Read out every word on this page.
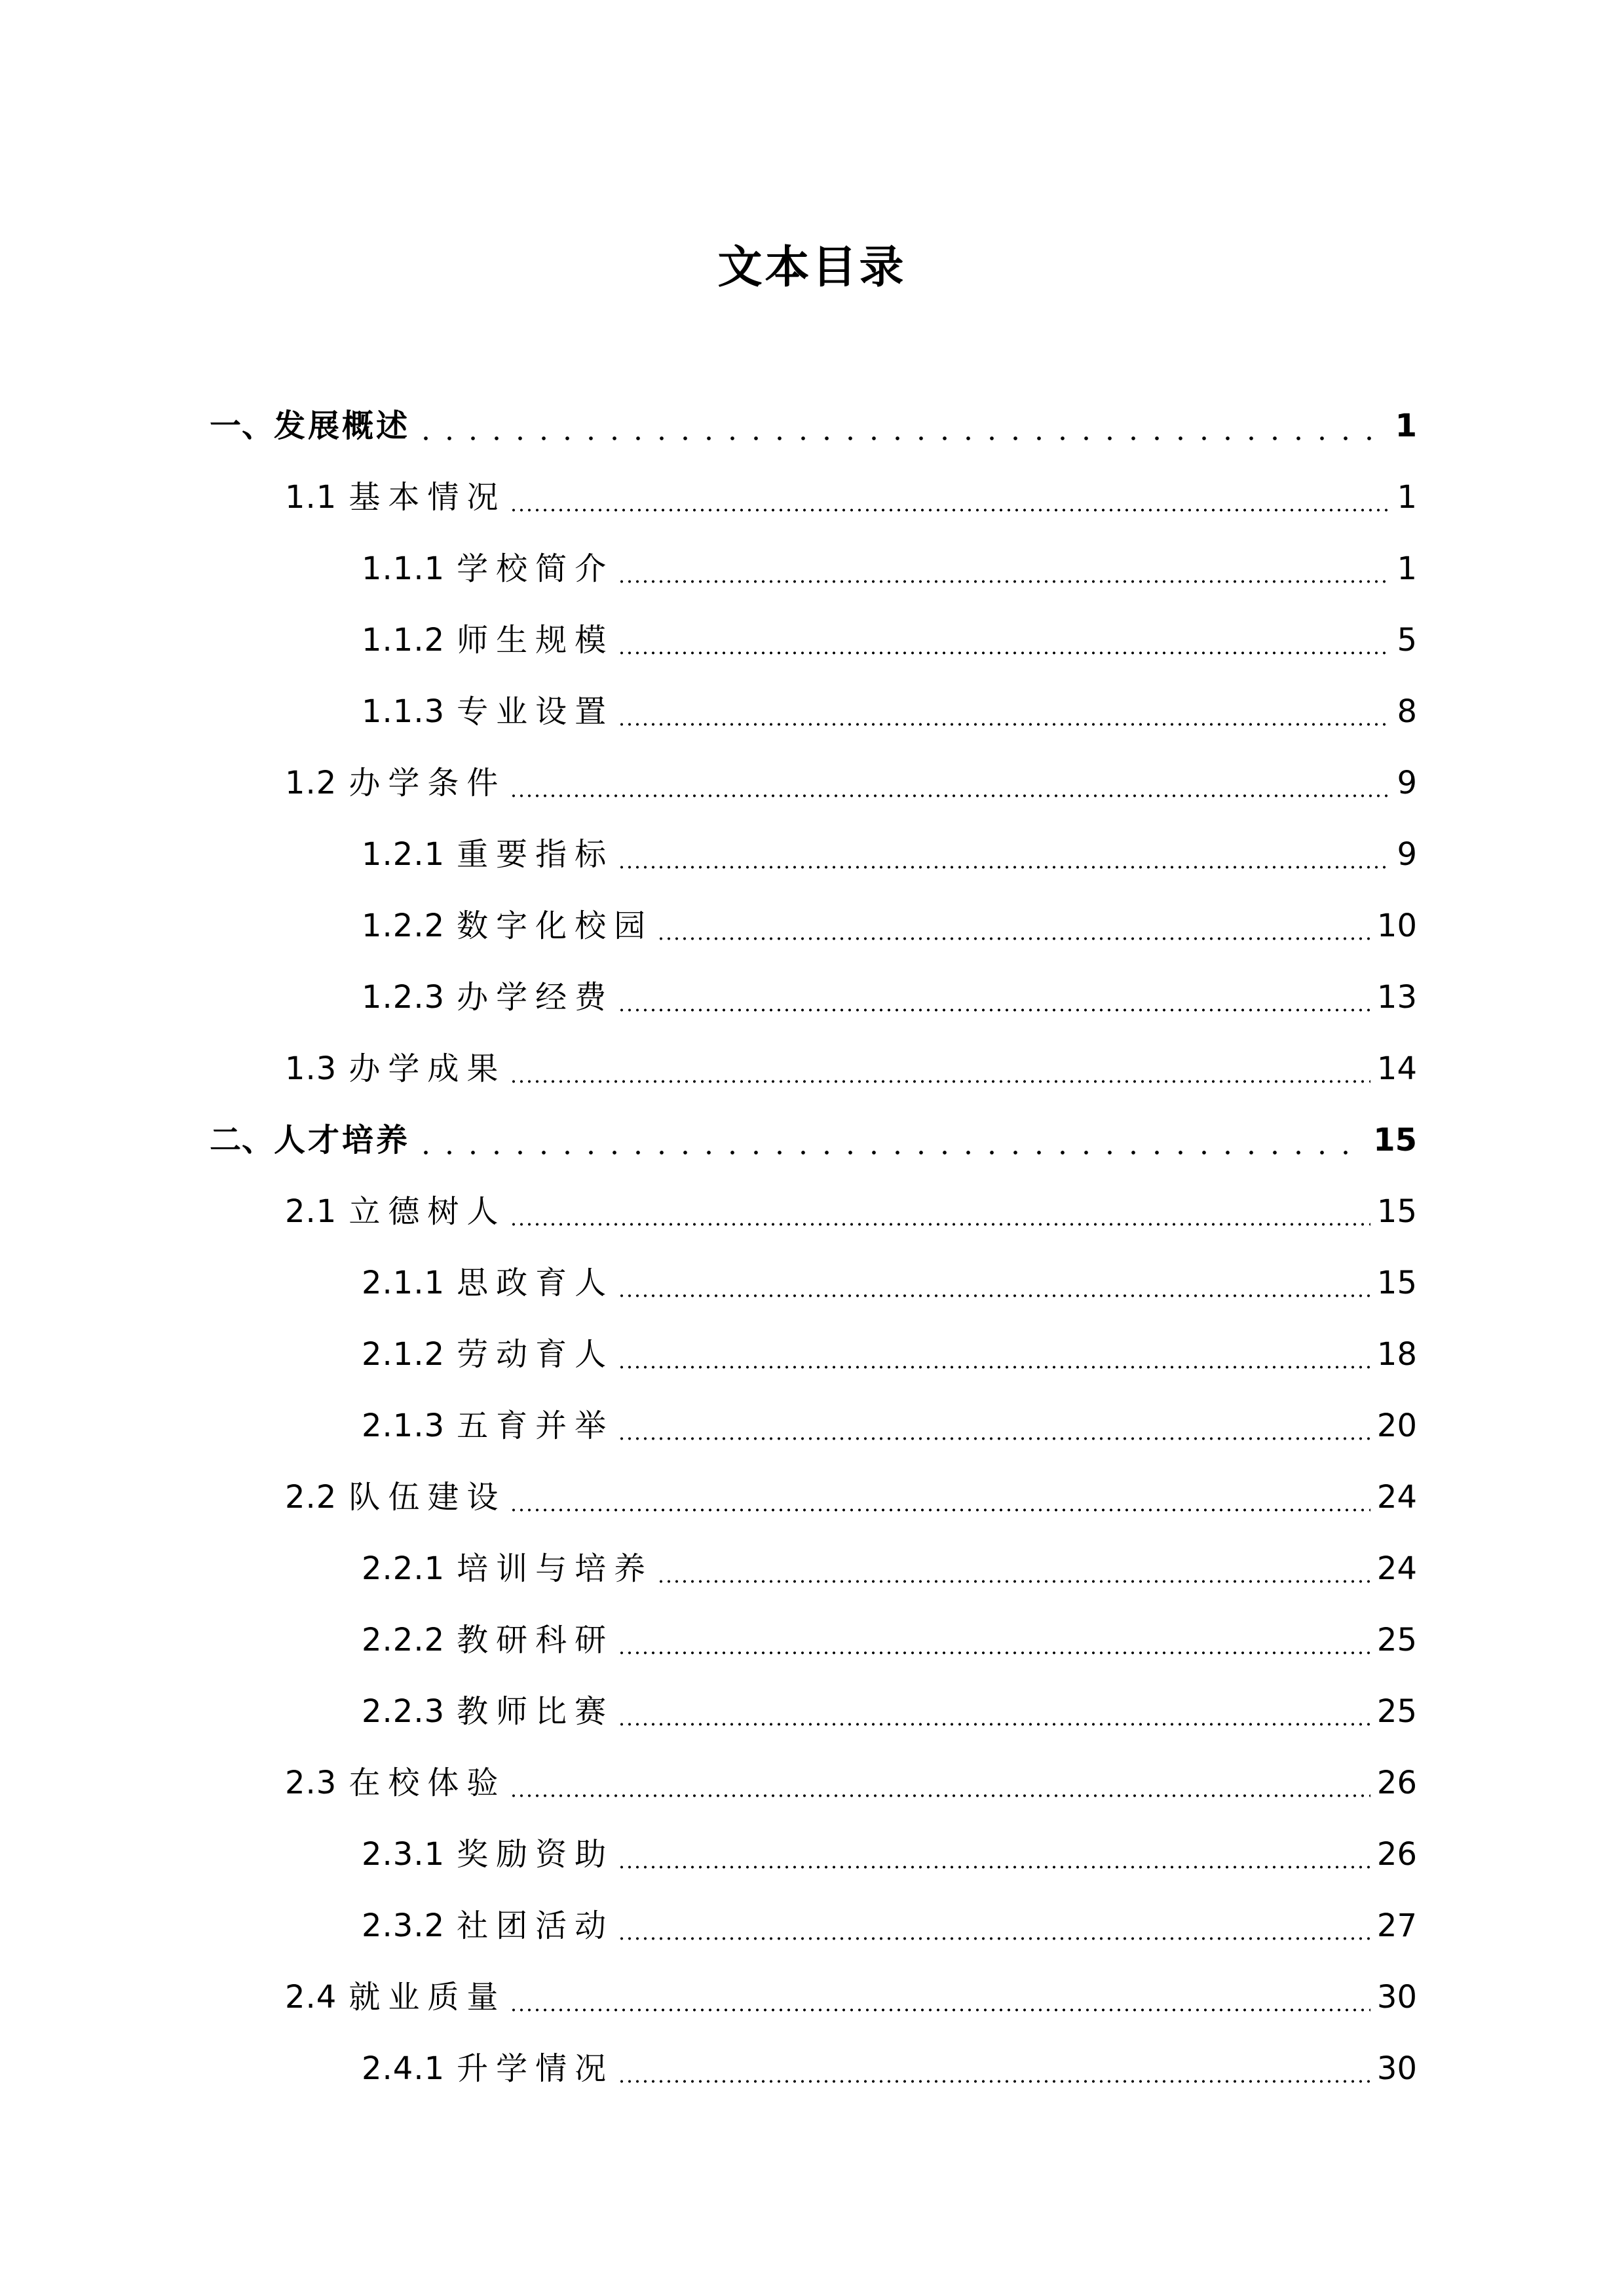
文本目录
一、 发展概述	1
1.1 基本情况	1
1.1.1 学校简介	1
1.1.2 师生规模	5
1.1.3 专业设置	8
1.2 办学条件	9
1.2.1 重要指标	9
1.2.2 数字化校园	10
1.2.3 办学经费	13
1.3 办学成果	14
二、 人才培养	15
2.1 立德树人	15
2.1.1 思政育人	15
2.1.2 劳动育人	18
2.1.3 五育并举	20
2.2 队伍建设	24
2.2.1 培训与培养	24
2.2.2 教研科研	25
2.2.3 教师比赛	25
2.3 在校体验	26
2.3.1 奖励资助	26
2.3.2 社团活动	27
2.4 就业质量	30
2.4.1 升学情况	30
